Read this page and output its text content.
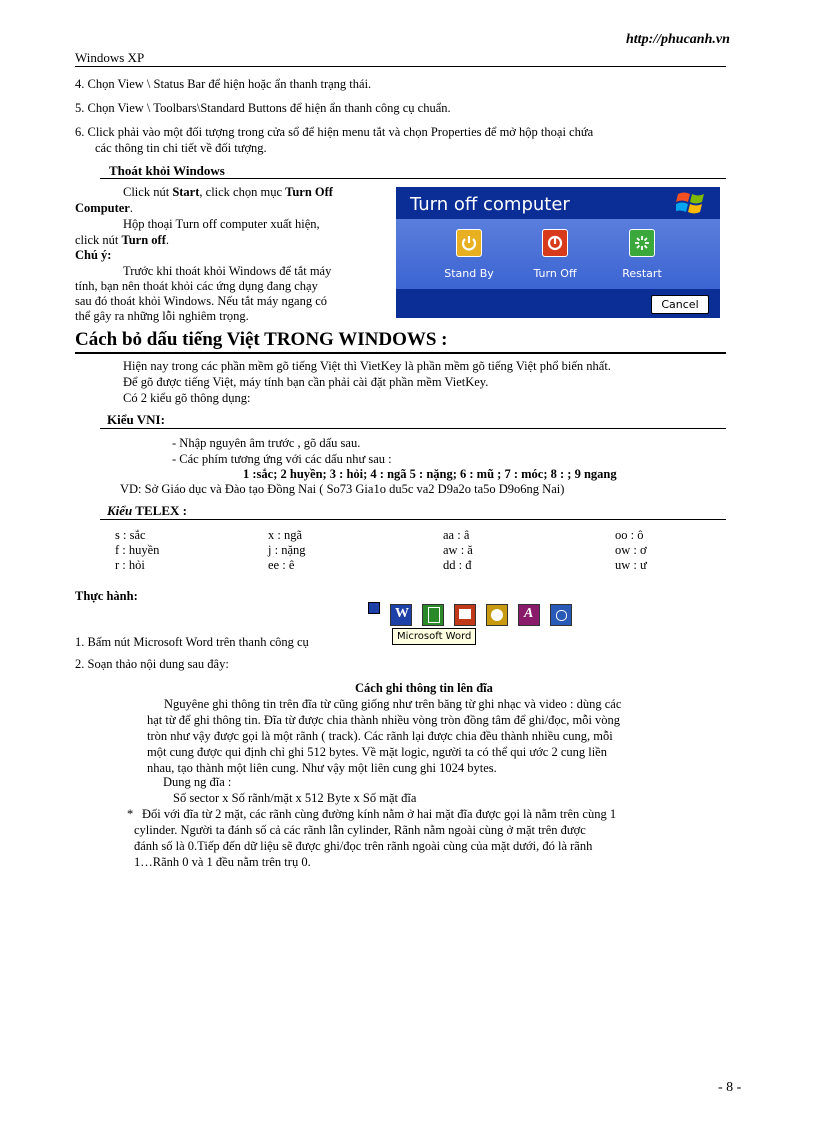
http://phucanh.vn
Windows XP
4. Chọn View \ Status Bar để hiện hoặc ẩn thanh trạng thái.
5. Chọn View \ Toolbars\Standard Buttons để hiện ẩn thanh công cụ chuẩn.
6. Click phải vào một đối tượng trong cửa sổ để hiện menu tắt và chọn Properties để mở hộp thoại chứa
các thông tin chi tiết về đối tượng.
Thoát khỏi Windows
Click nút Start, click chọn mục Turn Off
Computer.
Hộp thoại Turn off computer xuất hiện,
click nút Turn off.
Chú ý:
Trước khi thoát khỏi Windows để tắt máy
tính, bạn nên thoát khỏi các ứng dụng đang chạy
sau đó thoát khỏi Windows. Nếu tắt máy ngang có
thể gây ra những lỗi nghiêm trọng.
Turn off computer
Stand By	Turn Off	Restart
Cancel
Cách bỏ dấu tiếng Việt TRONG WINDOWS :
Hiện nay trong các phần mềm gõ tiếng Việt thì VietKey là phần mềm gõ tiếng Việt phổ biến nhất.
Để gõ được tiếng Việt, máy tính bạn cần phải cài đặt phần mềm VietKey.
Có 2 kiểu gõ thông dụng:
Kiểu VNI:
- Nhập nguyên âm trước , gõ dấu sau.
- Các phím tương ứng với các dấu như sau :
1 :sắc; 2 huyền; 3 : hỏi; 4 : ngã 5 : nặng; 6 : mũ ; 7 : móc; 8 : ; 9 ngang
VD: Sở Giáo dục và Đào tạo Đồng Nai ( So73 Gia1o du5c va2 D9a2o ta5o D9o6ng Nai)
Kiểu TELEX :
s : sắc	x : ngã	aa : â	oo : ô
f : huyền	j : nặng	aw : ă	ow : ơ
r : hỏi	ee : ê	dd : đ	uw : ư
Thực hành:
W	A
Microsoft Word
1. Bấm nút Microsoft Word trên thanh công cụ
2. Soạn thảo nội dung sau đây:
Cách ghi thông tin lên đĩa
Nguyêne ghi thông tin trên đĩa từ cũng giống như trên băng từ ghi nhạc và video : dùng các
hạt từ để ghi thông tin. Đĩa từ được chia thành nhiều vòng tròn đồng tâm để ghi/đọc, mỗi vòng
tròn như vậy được gọi là một rãnh ( track). Các rãnh lại được chia đều thành nhiều cung, mỗi
một cung được qui định chỉ ghi 512 bytes. Về mặt logic, người ta có thể qui ước 2 cung liền
nhau, tạo thành một liên cung. Như vậy một liên cung ghi 1024 bytes.
Dung ng đĩa :
Số sector x Số rãnh/mặt x 512 Byte x Số mặt đĩa
* Đối với đĩa từ 2 mặt, các rãnh cùng đường kính nằm ở hai mặt đĩa được gọi là nằm trên cùng 1
cylinder. Người ta đánh số cả các rãnh lẫn cylinder, Rãnh nằm ngoài cùng ở mặt trên được
đánh số là 0.Tiếp đến dữ liệu sẽ được ghi/đọc trên rãnh ngoài cùng của mặt dưới, đó là rãnh
1…Rãnh 0 và 1 đều nằm trên trụ 0.
- 8 -
